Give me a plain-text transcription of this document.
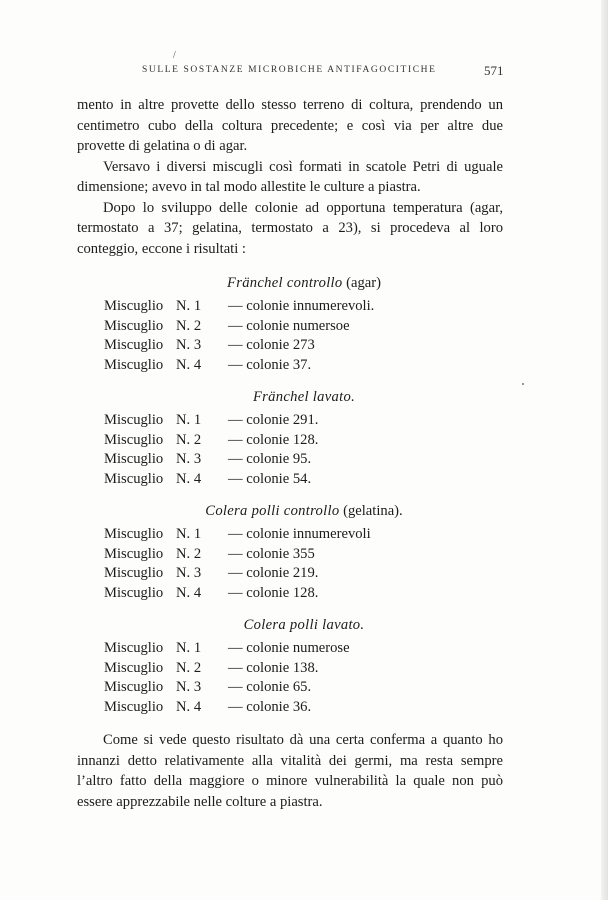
/
SULLE SOSTANZE MICROBICHE ANTIFAGOCITICHE	571

mento in altre provette dello stesso terreno di coltura, prendendo un centimetro cubo della coltura precedente; e così via per altre due provette di gelatina o di agar.

Versavo i diversi miscugli così formati in scatole Petri di uguale dimensione; avevo in tal modo allestite le culture a piastra.

Dopo lo sviluppo delle colonie ad opportuna temperatura (agar, termostato a 37; gelatina, termostato a 23), si procedeva al loro conteggio, eccone i risultati :

Fränchel controllo (agar)
Miscuglio N. 1 — colonie innumerevoli.
Miscuglio N. 2 — colonie numersoe
Miscuglio N. 3 — colonie 273
Miscuglio N. 4 — colonie 37.
Fränchel lavato.
Miscuglio N. 1 — colonie 291.
Miscuglio N. 2 — colonie 128.
Miscuglio N. 3 — colonie 95.
Miscuglio N. 4 — colonie 54.
Colera polli controllo (gelatina).
Miscuglio N. 1 — colonie innumerevoli
Miscuglio N. 2 — colonie 355
Miscuglio N. 3 — colonie 219.
Miscuglio N. 4 — colonie 128.
Colera polli lavato.
Miscuglio N. 1 — colonie numerose
Miscuglio N. 2 — colonie 138.
Miscuglio N. 3 — colonie 65.
Miscuglio N. 4 — colonie 36.

Come si vede questo risultato dà una certa conferma a quanto ho innanzi detto relativamente alla vitalità dei germi, ma resta sempre l’altro fatto della maggiore o minore vulnerabilità la quale non può essere apprezzabile nelle colture a piastra.
